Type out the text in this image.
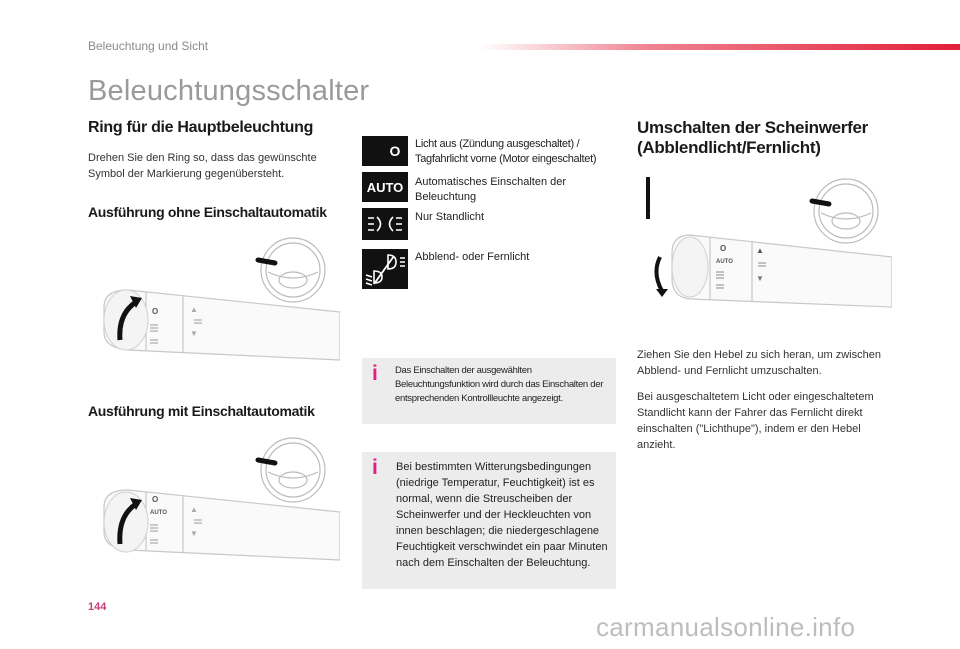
Beleuchtung und Sicht
Beleuchtungsschalter
Ring für die Hauptbeleuchtung
Drehen Sie den Ring so, dass das gewünschte Symbol der Markierung gegenübersteht.
Ausführung ohne Einschaltautomatik
O	▲
▼
Ausführung mit Einschaltautomatik
O
AUTO	▲
▼
O Licht aus (Zündung ausgeschaltet) / Tagfahrlicht vorne (Motor eingeschaltet)
AUTO Automatisches Einschalten der Beleuchtung
Nur Standlicht
Abblend- oder Fernlicht
i Das Einschalten der ausgewählten Beleuchtungsfunktion wird durch das Einschalten der entsprechenden Kontrollleuchte angezeigt.
i Bei bestimmten Witterungsbedingungen (niedrige Temperatur, Feuchtigkeit) ist es normal, wenn die Streuscheiben der Scheinwerfer und der Heckleuchten von innen beschlagen; die niedergeschlagene Feuchtigkeit verschwindet ein paar Minuten nach dem Einschalten der Beleuchtung.
Umschalten der Scheinwerfer (Abblendlicht/Fernlicht)
O
AUTO
▲
▼
Ziehen Sie den Hebel zu sich heran, um zwischen Abblend- und Fernlicht umzuschalten.
Bei ausgeschaltetem Licht oder eingeschaltetem Standlicht kann der Fahrer das Fernlicht direkt einschalten ("Lichthupe"), indem er den Hebel anzieht.
144
carmanualsonline.info
